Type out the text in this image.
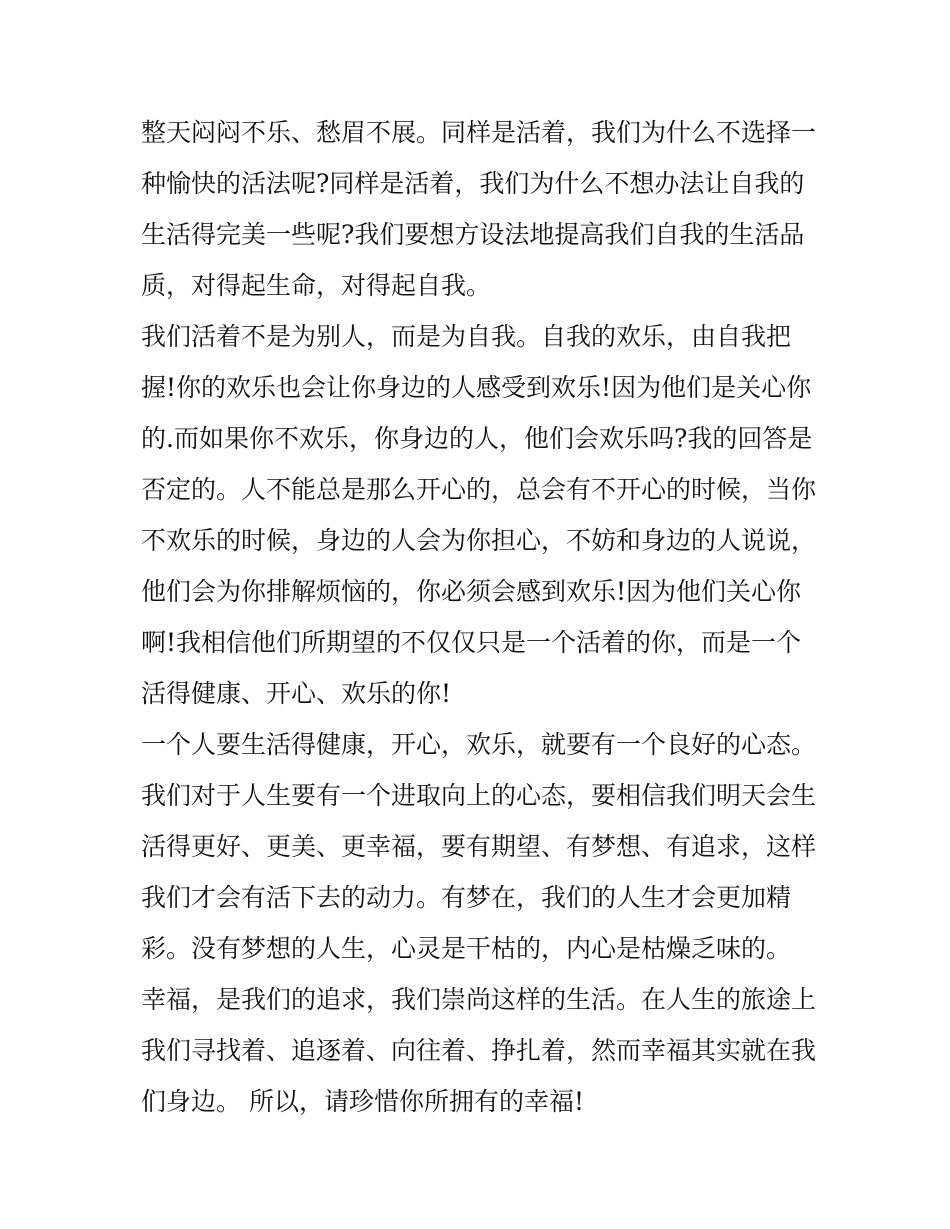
整天闷闷不乐、愁眉不展。同样是活着，我们为什么不选择一
种愉快的活法呢?同样是活着，我们为什么不想办法让自我的
生活得完美一些呢?我们要想方设法地提高我们自我的生活品
质，对得起生命，对得起自我。
我们活着不是为别人，而是为自我。自我的欢乐，由自我把
握!你的欢乐也会让你身边的人感受到欢乐!因为他们是关心你
的.而如果你不欢乐，你身边的人，他们会欢乐吗?我的回答是
否定的。人不能总是那么开心的，总会有不开心的时候，当你
不欢乐的时候，身边的人会为你担心，不妨和身边的人说说，
他们会为你排解烦恼的，你必须会感到欢乐!因为他们关心你
啊!我相信他们所期望的不仅仅只是一个活着的你，而是一个
活得健康、开心、欢乐的你!
一个人要生活得健康，开心，欢乐，就要有一个良好的心态。
我们对于人生要有一个进取向上的心态，要相信我们明天会生
活得更好、更美、更幸福，要有期望、有梦想、有追求，这样
我们才会有活下去的动力。有梦在，我们的人生才会更加精
彩。没有梦想的人生，心灵是干枯的，内心是枯燥乏味的。
幸福，是我们的追求，我们崇尚这样的生活。在人生的旅途上
我们寻找着、追逐着、向往着、挣扎着，然而幸福其实就在我
们身边。 所以，请珍惜你所拥有的幸福!
